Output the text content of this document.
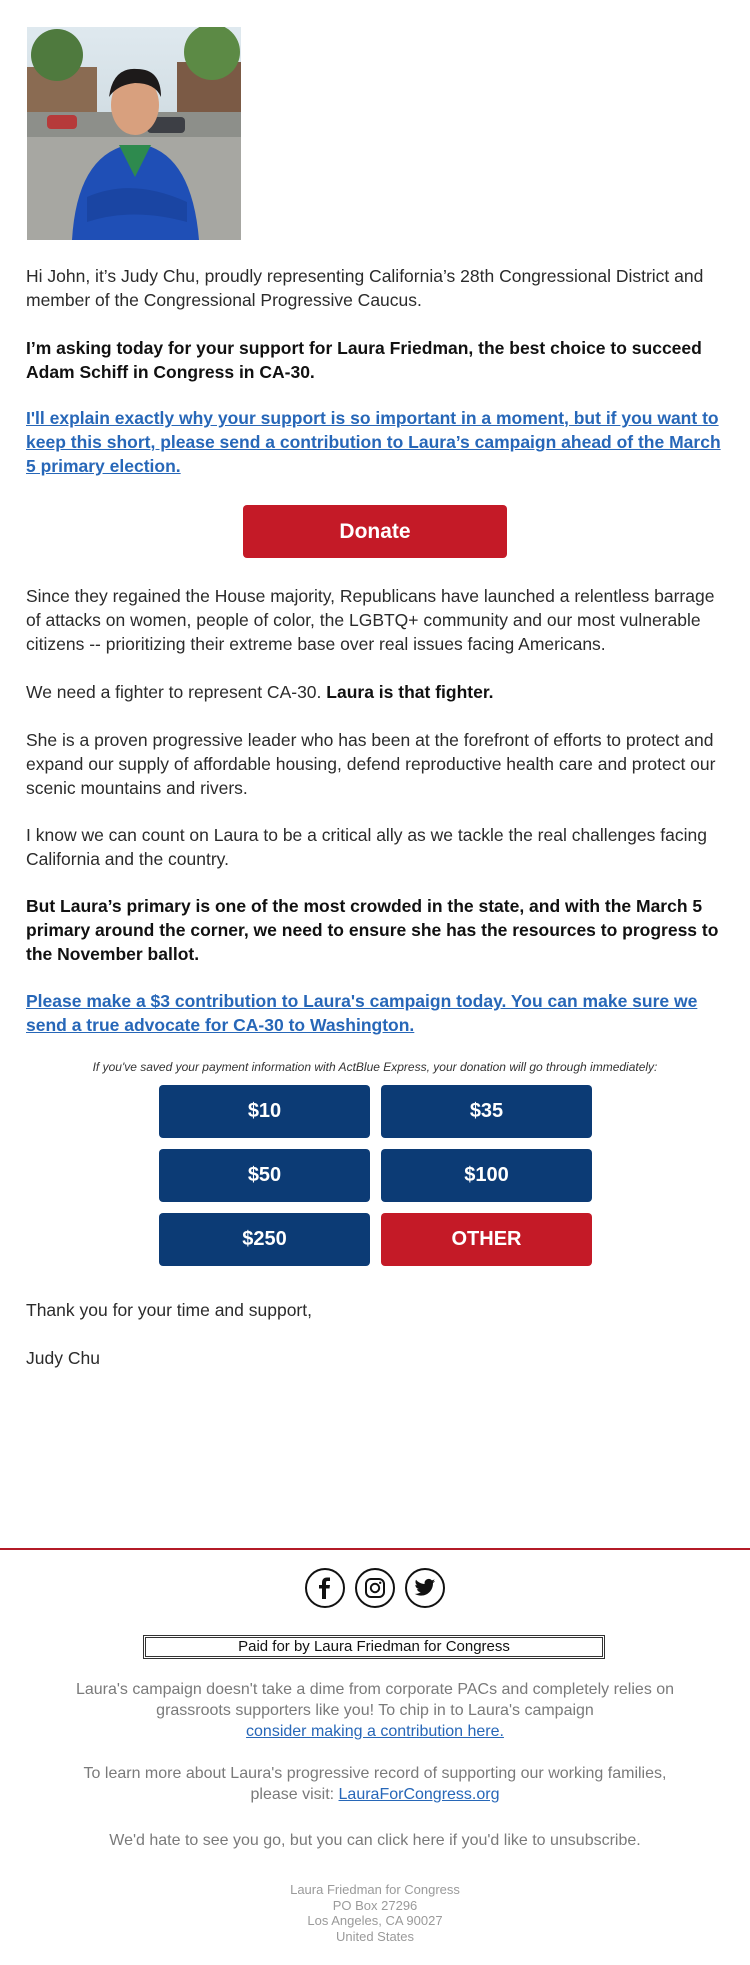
Hi John, it’s Judy Chu, proudly representing California’s 28th Congressional District and member of the Congressional Progressive Caucus.

I’m asking today for your support for Laura Friedman, the best choice to succeed Adam Schiff in Congress in CA-30.

I'll explain exactly why your support is so important in a moment, but if you want to keep this short, please send a contribution to Laura’s campaign ahead of the March 5 primary election.

Donate

Since they regained the House majority, Republicans have launched a relentless barrage of attacks on women, people of color, the LGBTQ+ community and our most vulnerable citizens -- prioritizing their extreme base over real issues facing Americans.

We need a fighter to represent CA-30. Laura is that fighter.

She is a proven progressive leader who has been at the forefront of efforts to protect and expand our supply of affordable housing, defend reproductive health care and protect our scenic mountains and rivers.

I know we can count on Laura to be a critical ally as we tackle the real challenges facing California and the country.

But Laura’s primary is one of the most crowded in the state, and with the March 5 primary around the corner, we need to ensure she has the resources to progress to the November ballot.

Please make a $3 contribution to Laura's campaign today. You can make sure we send a true advocate for CA-30 to Washington.

If you've saved your payment information with ActBlue Express, your donation will go through immediately:
$10	$35
$50	$100
$250	OTHER

Thank you for your time and support,

Judy Chu

Paid for by Laura Friedman for Congress

Laura's campaign doesn't take a dime from corporate PACs and completely relies on grassroots supporters like you! To chip in to Laura's campaign
consider making a contribution here.

To learn more about Laura's progressive record of supporting our working families, please visit: LauraForCongress.org

We'd hate to see you go, but you can click here if you'd like to unsubscribe.

Laura Friedman for Congress
PO Box 27296
Los Angeles, CA 90027
United States
